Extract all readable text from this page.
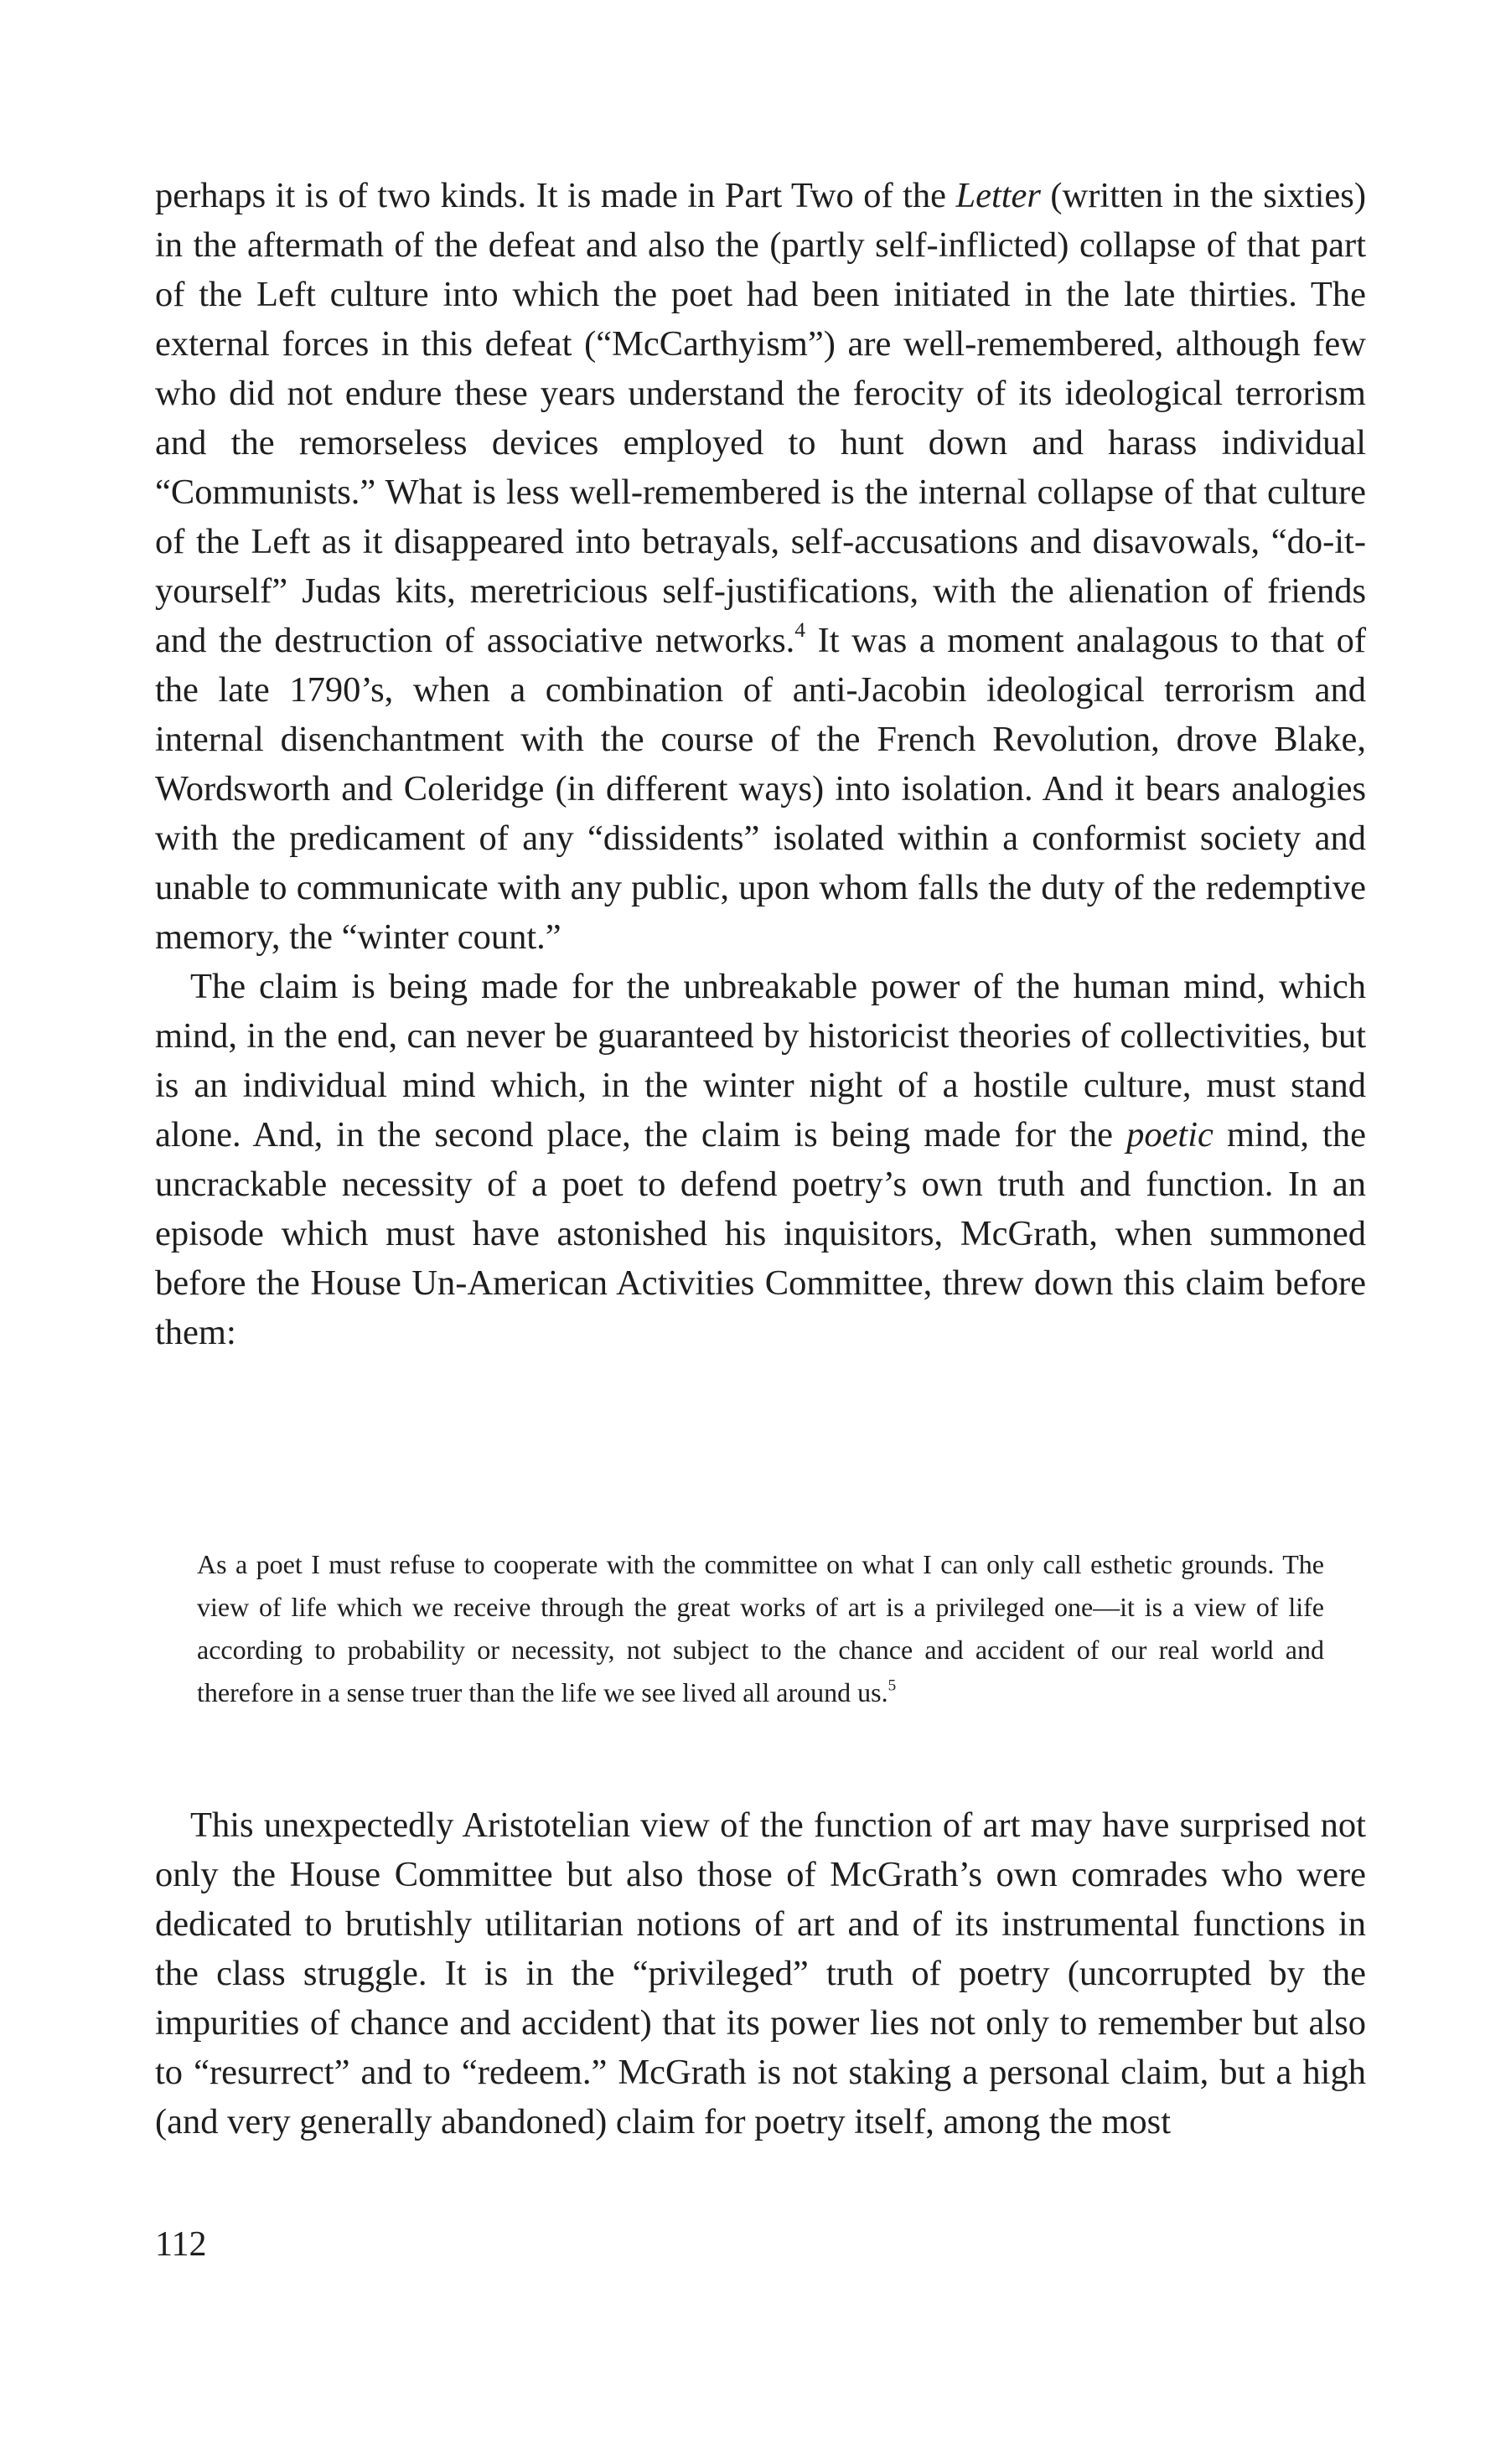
perhaps it is of two kinds. It is made in Part Two of the Letter (written in the sixties) in the aftermath of the defeat and also the (partly self-inflicted) collapse of that part of the Left culture into which the poet had been initiated in the late thirties. The external forces in this defeat (“McCarthyism”) are well-remembered, although few who did not endure these years understand the ferocity of its ideological terrorism and the remorseless devices employed to hunt down and harass individual “Communists.” What is less well-remembered is the internal collapse of that culture of the Left as it disappeared into betrayals, self-accusations and disavowals, “do-it-yourself” Judas kits, meretricious self-justifications, with the alienation of friends and the destruction of associative networks.$^4$ It was a moment analagous to that of the late 1790’s, when a combination of anti-Jacobin ideological terrorism and internal disenchantment with the course of the French Revolution, drove Blake, Wordsworth and Coleridge (in different ways) into isolation. And it bears analogies with the predicament of any “dissidents” isolated within a conformist society and unable to communicate with any public, upon whom falls the duty of the redemptive memory, the “winter count.”

The claim is being made for the unbreakable power of the human mind, which mind, in the end, can never be guaranteed by historicist theories of collectivities, but is an individual mind which, in the winter night of a hostile culture, must stand alone. And, in the second place, the claim is being made for the poetic mind, the uncrackable necessity of a poet to defend poetry’s own truth and function. In an episode which must have astonished his inquisitors, McGrath, when summoned before the House Un-American Activities Committee, threw down this claim before them:

As a poet I must refuse to cooperate with the committee on what I can only call esthetic grounds. The view of life which we receive through the great works of art is a privileged one—it is a view of life according to probability or necessity, not subject to the chance and accident of our real world and therefore in a sense truer than the life we see lived all around us.$^5$

This unexpectedly Aristotelian view of the function of art may have surprised not only the House Committee but also those of McGrath’s own comrades who were dedicated to brutishly utilitarian notions of art and of its instrumental functions in the class struggle. It is in the “privileged” truth of poetry (uncorrupted by the impurities of chance and accident) that its power lies not only to remember but also to “resurrect” and to “redeem.” McGrath is not staking a personal claim, but a high (and very generally abandoned) claim for poetry itself, among the most

112
